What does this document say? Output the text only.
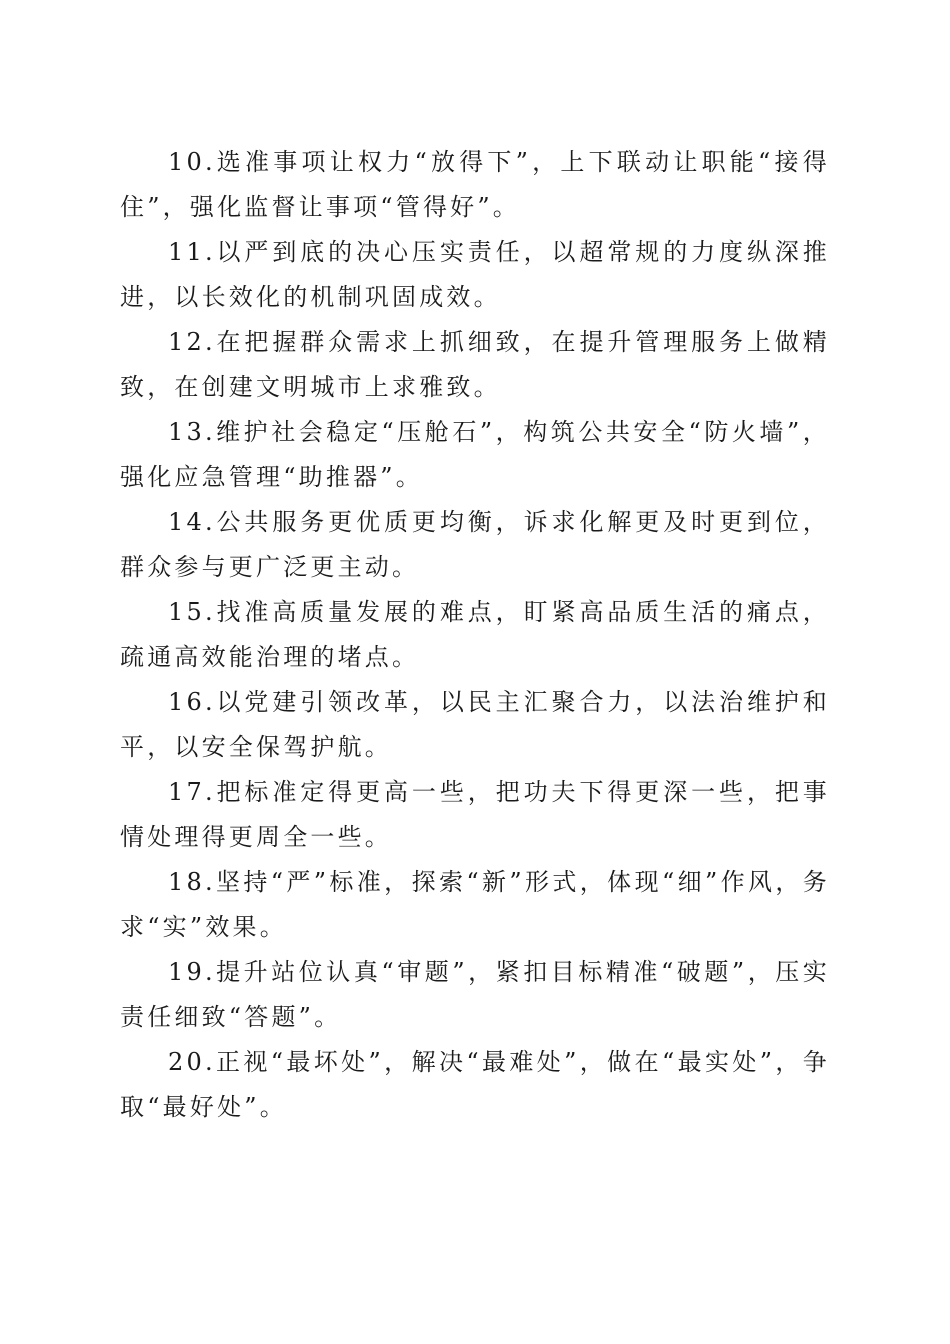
10.选准事项让权力“放得下”，上下联动让职能“接得住”，强化监督让事项“管得好”。

11.以严到底的决心压实责任，以超常规的力度纵深推进，以长效化的机制巩固成效。

12.在把握群众需求上抓细致，在提升管理服务上做精致，在创建文明城市上求雅致。

13.维护社会稳定“压舱石”，构筑公共安全“防火墙”，强化应急管理“助推器”。

14.公共服务更优质更均衡，诉求化解更及时更到位，群众参与更广泛更主动。

15.找准高质量发展的难点，盯紧高品质生活的痛点，疏通高效能治理的堵点。

16.以党建引领改革，以民主汇聚合力，以法治维护和平，以安全保驾护航。

17.把标准定得更高一些，把功夫下得更深一些，把事情处理得更周全一些。

18.坚持“严”标准，探索“新”形式，体现“细”作风，务求“实”效果。

19.提升站位认真“审题”，紧扣目标精准“破题”，压实责任细致“答题”。

20.正视“最坏处”，解决“最难处”，做在“最实处”，争取“最好处”。
